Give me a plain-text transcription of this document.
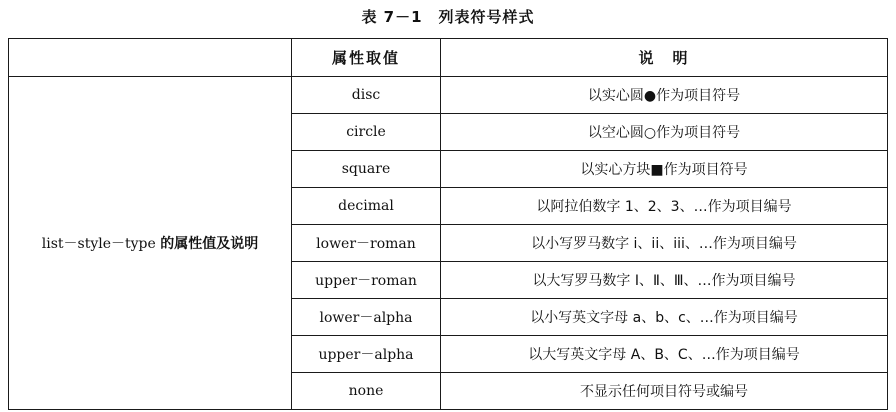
表 7－1　列表符号样式
	属性取值	说　明
list－style－type 的属性值及说明	disc	以实心圆●作为项目符号
	circle	以空心圆○作为项目符号
	square	以实心方块■作为项目符号
	decimal	以阿拉伯数字 1、2、3、…作为项目编号
	lower－roman	以小写罗马数字 i、ii、iii、…作为项目编号
	upper－roman	以大写罗马数字 Ⅰ、Ⅱ、Ⅲ、…作为项目编号
	lower－alpha	以小写英文字母 a、b、c、…作为项目编号
	upper－alpha	以大写英文字母 A、B、C、…作为项目编号
	none	不显示任何项目符号或编号
